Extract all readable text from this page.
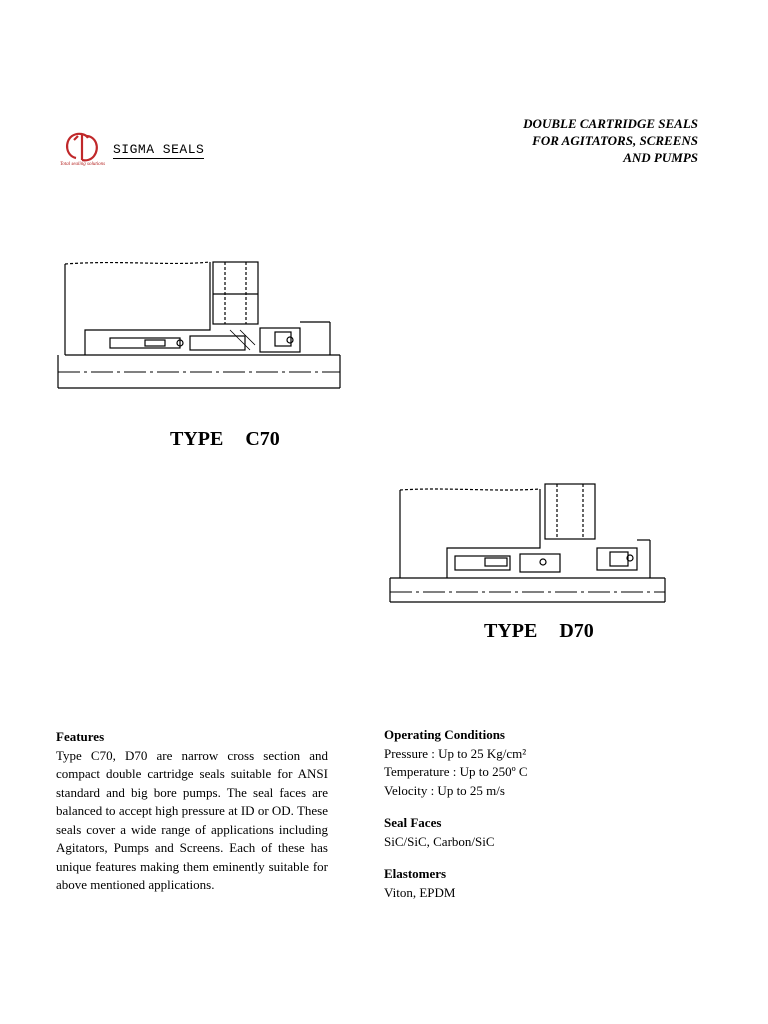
DOUBLE CARTRIDGE SEALS
FOR AGITATORS, SCREENS
AND PUMPS
SIGMA SEALS
Total sealing solutions
TYPE C70
TYPE D70
Features
Type C70, D70 are narrow cross section and compact double cartridge seals suitable for ANSI standard and big bore pumps. The seal faces are balanced to accept high pressure at ID or OD. These seals cover a wide range of applications including Agitators, Pumps and Screens. Each of these has unique features making them eminently suitable for above mentioned applications.
Operating Conditions
Pressure : Up to 25 Kg/cm²
Temperature : Up to 250º C
Velocity : Up to 25 m/s
Seal Faces
SiC/SiC, Carbon/SiC
Elastomers
Viton, EPDM
